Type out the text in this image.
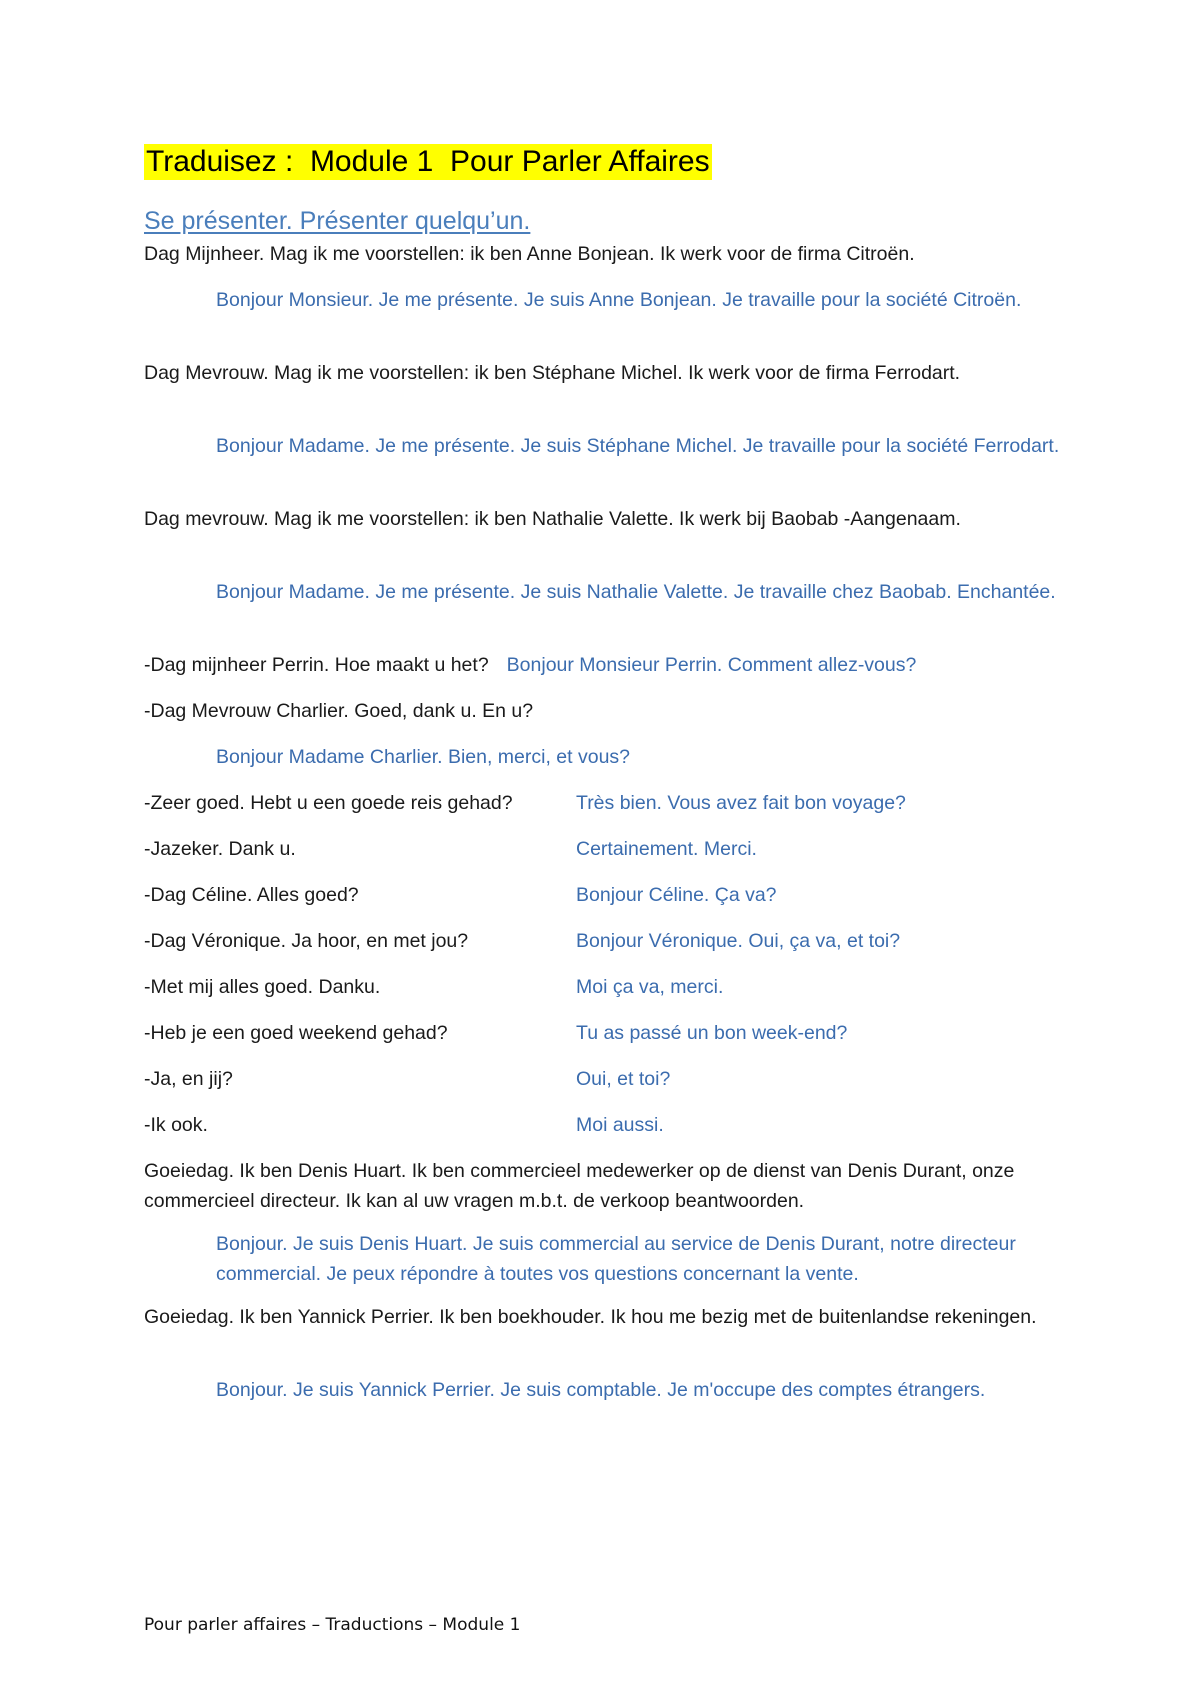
Traduisez :  Module 1  Pour Parler Affaires
Se présenter. Présenter quelqu’un.

Dag Mijnheer. Mag ik me voorstellen: ik ben Anne Bonjean. Ik werk voor de firma Citroën.

Bonjour Monsieur. Je me présente. Je suis Anne Bonjean. Je travaille pour la société Citroën.

Dag Mevrouw. Mag ik me voorstellen: ik ben Stéphane Michel. Ik werk voor de firma Ferrodart.

Bonjour Madame. Je me présente. Je suis Stéphane Michel. Je travaille pour la société Ferrodart.

Dag mevrouw. Mag ik me voorstellen: ik ben Nathalie Valette. Ik werk bij Baobab -Aangenaam.

Bonjour Madame. Je me présente. Je suis Nathalie Valette. Je travaille chez Baobab. Enchantée.

-Dag mijnheer Perrin. Hoe maakt u het? Bonjour Monsieur Perrin. Comment allez-vous?

-Dag Mevrouw Charlier. Goed, dank u. En u?

Bonjour Madame Charlier. Bien, merci, et vous?

-Zeer goed. Hebt u een goede reis gehad?	Très bien. Vous avez fait bon voyage?
-Jazeker. Dank u.	Certainement. Merci.
-Dag Céline. Alles goed?	Bonjour Céline. Ça va?
-Dag Véronique. Ja hoor, en met jou?	Bonjour Véronique. Oui, ça va, et toi?
-Met mij alles goed. Danku.	Moi ça va, merci.
-Heb je een goed weekend gehad?	Tu as passé un bon week-end?
-Ja, en jij?	Oui, et toi?
-Ik ook.	Moi aussi.

Goeiedag. Ik ben Denis Huart. Ik ben commercieel medewerker op de dienst van Denis Durant, onze commercieel directeur. Ik kan al uw vragen m.b.t. de verkoop beantwoorden.

Bonjour. Je suis Denis Huart. Je suis commercial au service de Denis Durant, notre directeur commercial. Je peux répondre à toutes vos questions concernant la vente.

Goeiedag. Ik ben Yannick Perrier. Ik ben boekhouder. Ik hou me bezig met de buitenlandse rekeningen.

Bonjour. Je suis Yannick Perrier. Je suis comptable. Je m'occupe des comptes étrangers.

Pour parler affaires – Traductions – Module 1
